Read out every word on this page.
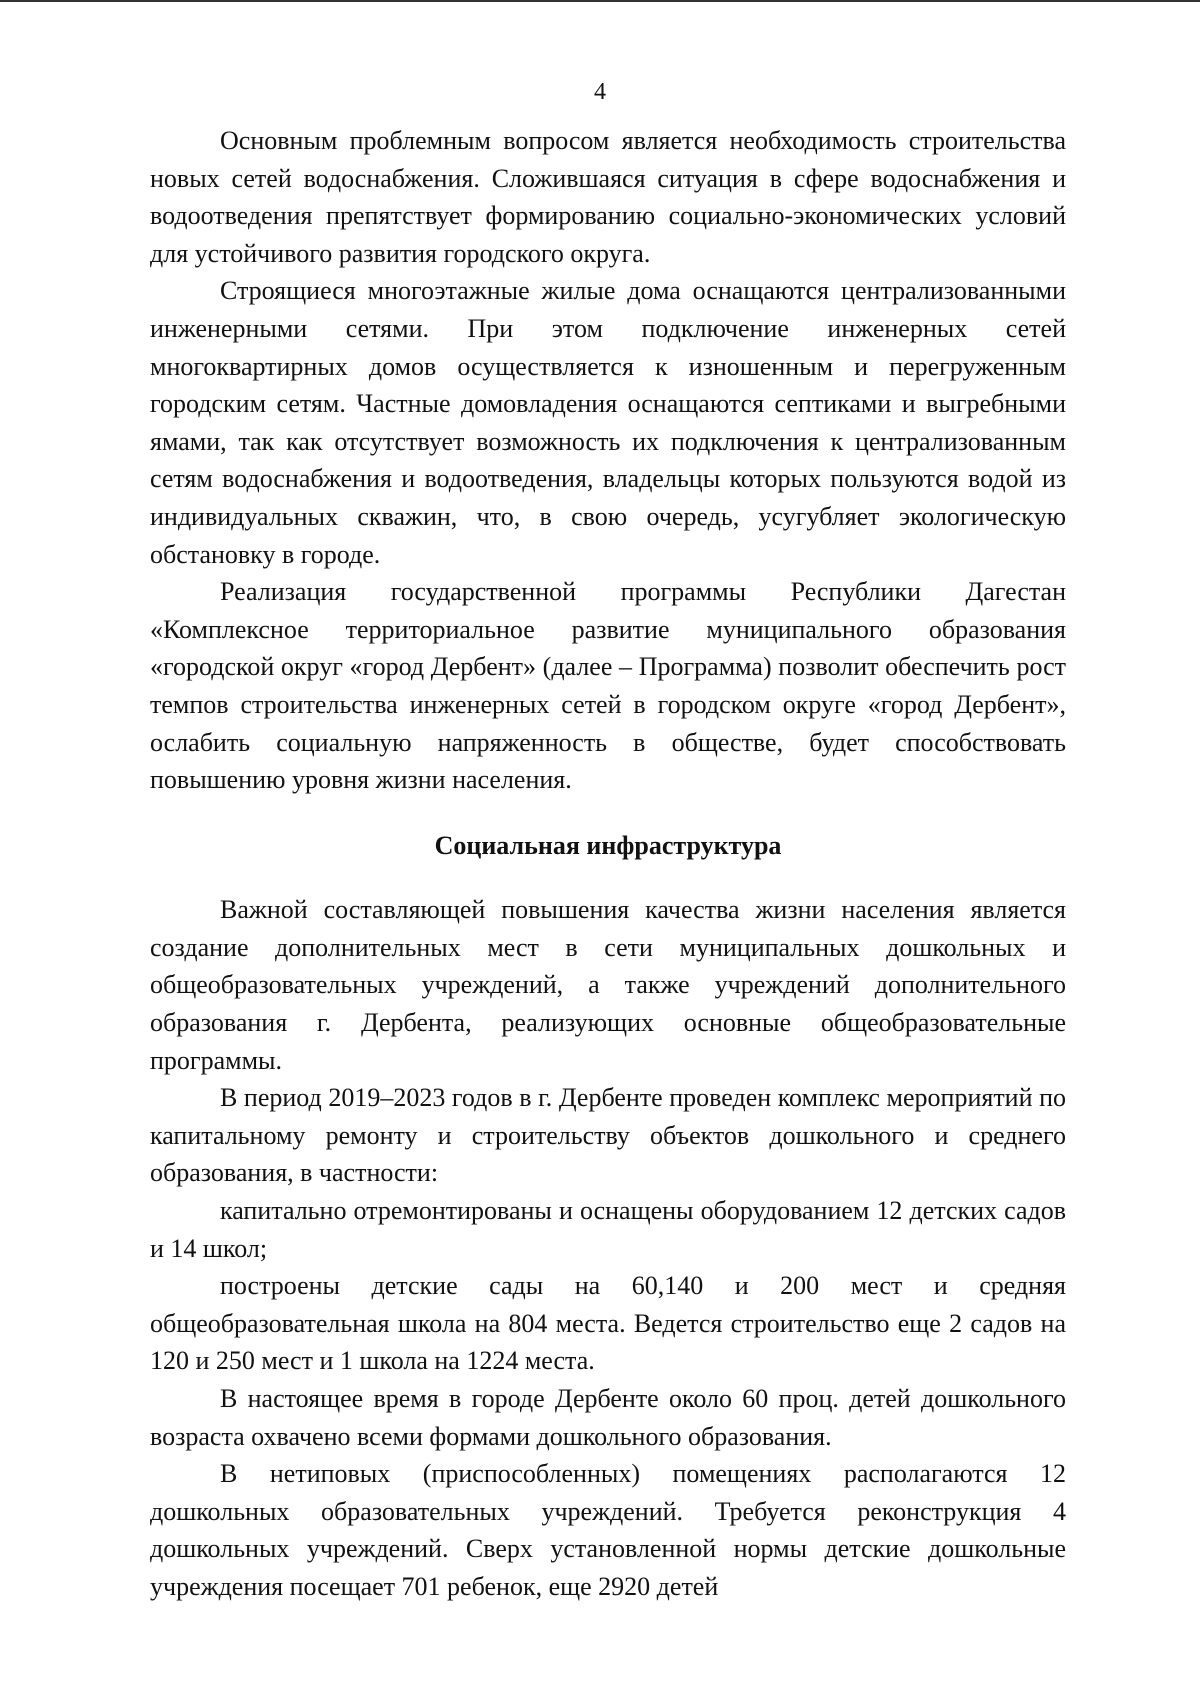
4

Основным проблемным вопросом является необходимость строительства новых сетей водоснабжения. Сложившаяся ситуация в сфере водоснабжения и водоотведения препятствует формированию социально-экономических условий для устойчивого развития городского округа.

Строящиеся многоэтажные жилые дома оснащаются централизованными инженерными сетями. При этом подключение инженерных сетей многоквартирных домов осуществляется к изношенным и перегруженным городским сетям. Частные домовладения оснащаются септиками и выгребными ямами, так как отсутствует возможность их подключения к централизованным сетям водоснабжения и водоотведения, владельцы которых пользуются водой из индивидуальных скважин, что, в свою очередь, усугубляет экологическую обстановку в городе.

Реализация государственной программы Республики Дагестан «Комплексное территориальное развитие муниципального образования «городской округ «город Дербент» (далее – Программа) позволит обеспечить рост темпов строительства инженерных сетей в городском округе «город Дербент», ослабить социальную напряженность в обществе, будет способствовать повышению уровня жизни населения.

Социальная инфраструктура

Важной составляющей повышения качества жизни населения является создание дополнительных мест в сети муниципальных дошкольных и общеобразовательных учреждений, а также учреждений дополнительного образования г. Дербента, реализующих основные общеобразовательные программы.

В период 2019–2023 годов в г. Дербенте проведен комплекс мероприятий по капитальному ремонту и строительству объектов дошкольного и среднего образования, в частности:

капитально отремонтированы и оснащены оборудованием 12 детских садов и 14 школ;

построены детские сады на 60,140 и 200 мест и средняя общеобразовательная школа на 804 места. Ведется строительство еще 2 садов на 120 и 250 мест и 1 школа на 1224 места.

В настоящее время в городе Дербенте около 60 проц. детей дошкольного возраста охвачено всеми формами дошкольного образования.

В нетиповых (приспособленных) помещениях располагаются 12 дошкольных образовательных учреждений. Требуется реконструкция 4 дошкольных учреждений. Сверх установленной нормы детские дошкольные учреждения посещает 701 ребенок, еще 2920 детей
